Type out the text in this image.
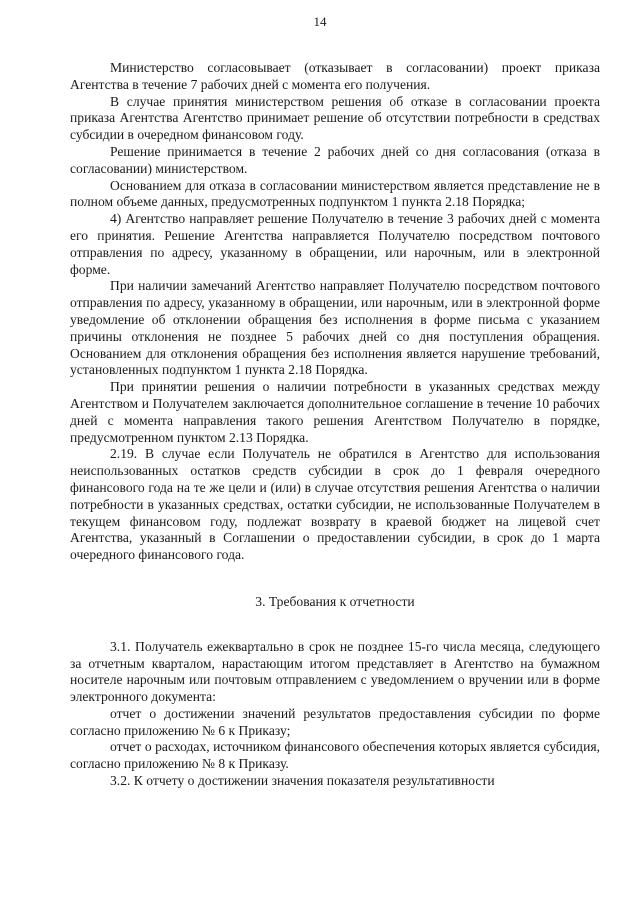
14

Министерство согласовывает (отказывает в согласовании) проект приказа Агентства в течение 7 рабочих дней с момента его получения.

В случае принятия министерством решения об отказе в согласовании проекта приказа Агентства Агентство принимает решение об отсутствии потребности в средствах субсидии в очередном финансовом году.

Решение принимается в течение 2 рабочих дней со дня согласования (отказа в согласовании) министерством.

Основанием для отказа в согласовании министерством является представление не в полном объеме данных, предусмотренных подпунктом 1 пункта 2.18 Порядка;

4) Агентство направляет решение Получателю в течение 3 рабочих дней с момента его принятия. Решение Агентства направляется Получателю посредством почтового отправления по адресу, указанному в обращении, или нарочным, или в электронной форме.

При наличии замечаний Агентство направляет Получателю посредством почтового отправления по адресу, указанному в обращении, или нарочным, или в электронной форме уведомление об отклонении обращения без исполнения в форме письма с указанием причины отклонения не позднее 5 рабочих дней со дня поступления обращения. Основанием для отклонения обращения без исполнения является нарушение требований, установленных подпунктом 1 пункта 2.18 Порядка.

При принятии решения о наличии потребности в указанных средствах между Агентством и Получателем заключается дополнительное соглашение в течение 10 рабочих дней с момента направления такого решения Агентством Получателю в порядке, предусмотренном пунктом 2.13 Порядка.

2.19. В случае если Получатель не обратился в Агентство для использования неиспользованных остатков средств субсидии в срок до 1 февраля очередного финансового года на те же цели и (или) в случае отсутствия решения Агентства о наличии потребности в указанных средствах, остатки субсидии, не использованные Получателем в текущем финансовом году, подлежат возврату в краевой бюджет на лицевой счет Агентства, указанный в Соглашении о предоставлении субсидии, в срок до 1 марта очередного финансового года.

3. Требования к отчетности

3.1. Получатель ежеквартально в срок не позднее 15-го числа месяца, следующего за отчетным кварталом, нарастающим итогом представляет в Агентство на бумажном носителе нарочным или почтовым отправлением с уведомлением о вручении или в форме электронного документа:

отчет о достижении значений результатов предоставления субсидии по форме согласно приложению № 6 к Приказу;

отчет о расходах, источником финансового обеспечения которых является субсидия, согласно приложению № 8 к Приказу.

3.2. К отчету о достижении значения показателя результативности
